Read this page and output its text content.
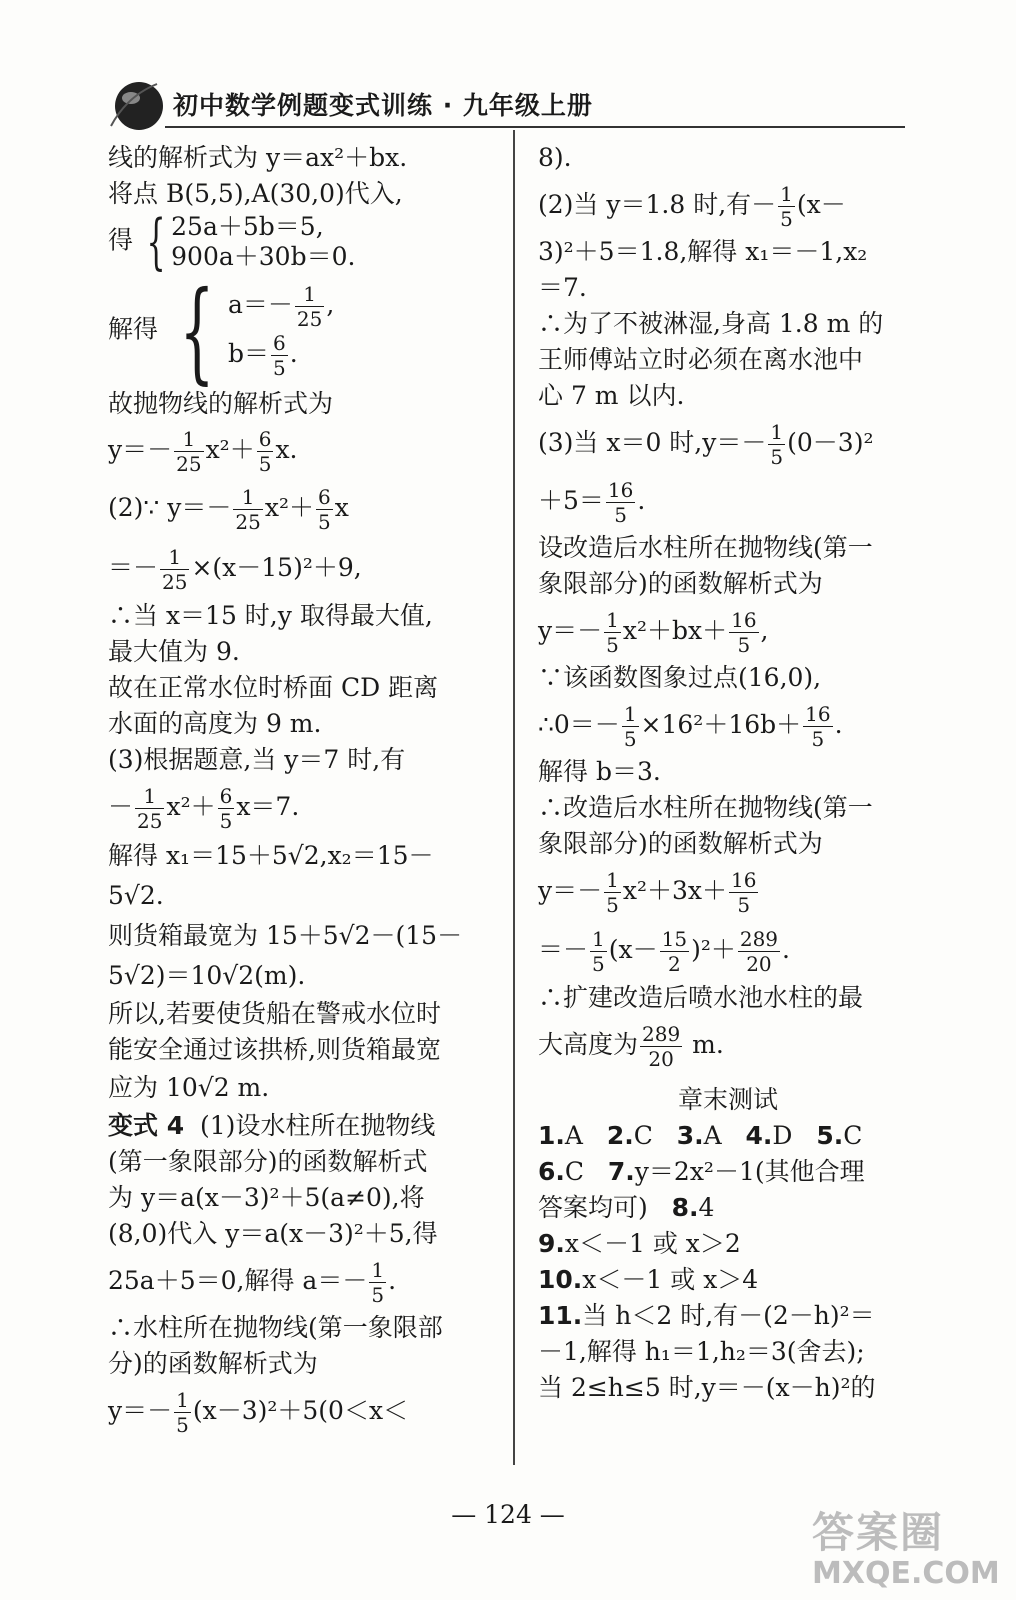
初中数学例题变式训练 · 九年级上册
线的解析式为 y＝ax²＋bx.
将点 B(5,5),A(30,0)代入,
得 { 25a＋5b＝5,
900a＋30b＝0.
解得 { $a=- \frac{1}{25}$ ,
$b= \frac{6}{5}$ .
故抛物线的解析式为
$y=- \frac{1}{25} x^2+ \frac{6}{5} x$.
(2)∵ $y=- \frac{1}{25} x^2+ \frac{6}{5}$ x
＝－ $\frac{1}{25} \times(x-15)^2+9$,
∴当 x＝15 时,y 取得最大值,
最大值为 9.
故在正常水位时桥面 CD 距离
水面的高度为 9 m.
(3)根据题意,当 y＝7 时,有
－ $\frac{1}{25} x^2+ \frac{6}{5} x=7$.
解得 x₁＝15＋5√2,x₂＝15－
5√2.
则货箱最宽为 15＋5√2－(15－
5√2)＝10√2(m).
所以,若要使货船在警戒水位时
能安全通过该拱桥,则货箱最宽
应为 10√2 m.
变式 4 (1)设水柱所在抛物线
(第一象限部分)的函数解析式
为 y＝a(x－3)²＋5(a≠0),将
(8,0)代入 y＝a(x－3)²＋5,得
25a＋5＝0,解得 $a=- \frac{1}{5}$ .
∴水柱所在抛物线(第一象限部
分)的函数解析式为
$y=- \frac{1}{5} (x-3)^2+5(0<x<$
8).
(2)当 y＝1.8 时,有－ $\frac{1}{5} (x-$
3)²＋5＝1.8,解得 x₁＝－1,x₂
＝7.
∴为了不被淋湿,身高 1.8 m 的
王师傅站立时必须在离水池中
心 7 m 以内.
(3)当 x＝0 时$,y=- \frac{1}{5} (0-3)^2$
$+5= \frac{16}{5}$ .
设改造后水柱所在抛物线(第一
象限部分)的函数解析式为
$y=- \frac{1}{5} x^2+bx+ \frac{16}{5}$ ,
∵该函数图象过点(16,0),
∴0＝－ $\frac{1}{5} \times 16^2+16b+ \frac{16}{5}$ .
解得 b＝3.
∴改造后水柱所在抛物线(第一
象限部分)的函数解析式为
$y=- \frac{1}{5} x^2+3x+ \frac{16}{5}$
＝－ $\frac{1}{5} (x- \frac{15}{2} )^2+ \frac{289}{20}$ .
∴扩建改造后喷水池水柱的最
大高度为 $\frac{289}{20} m$.
章末测试
1.A 2.C 3.A 4.D 5.C
6.C 7.y＝2x²－1(其他合理
答案均可) 8.4
9.x＜－1 或 x＞2
10.x＜－1 或 x＞4
11.当 h＜2 时,有－(2－h)²＝
－1,解得 h₁＝1,h₂＝3(舍去);
当 2≤h≤5 时,y＝－(x－h)²的
— 124 —	答案圈
MXQE.COM
